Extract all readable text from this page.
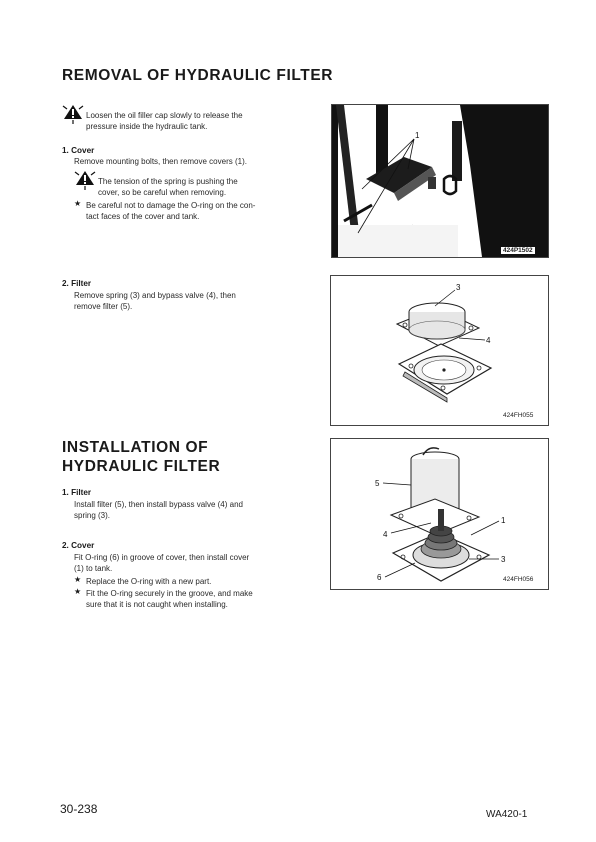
REMOVAL OF HYDRAULIC FILTER
Loosen the oil filler cap slowly to release the
pressure inside the hydraulic tank.
1. Cover
Remove mounting bolts, then remove covers (1).
The tension of the spring is pushing the
cover, so be careful when removing.
★ Be careful not to damage the O-ring on the con-
tact faces of the cover and tank.
2. Filter
Remove spring (3) and bypass valve (4), then
remove filter (5).
1
424P1502
3
4
424FH055
INSTALLATION OF
HYDRAULIC FILTER
1. Filter
Install filter (5), then install bypass valve (4) and
spring (3).
2. Cover
Fit O-ring (6) in groove of cover, then install cover
(1) to tank.
★ Replace the O-ring with a new part.
★ Fit the O-ring securely in the groove, and make
sure that it is not caught when installing.
5
4
1
3
6	424FH056
30-238	WA420-1
